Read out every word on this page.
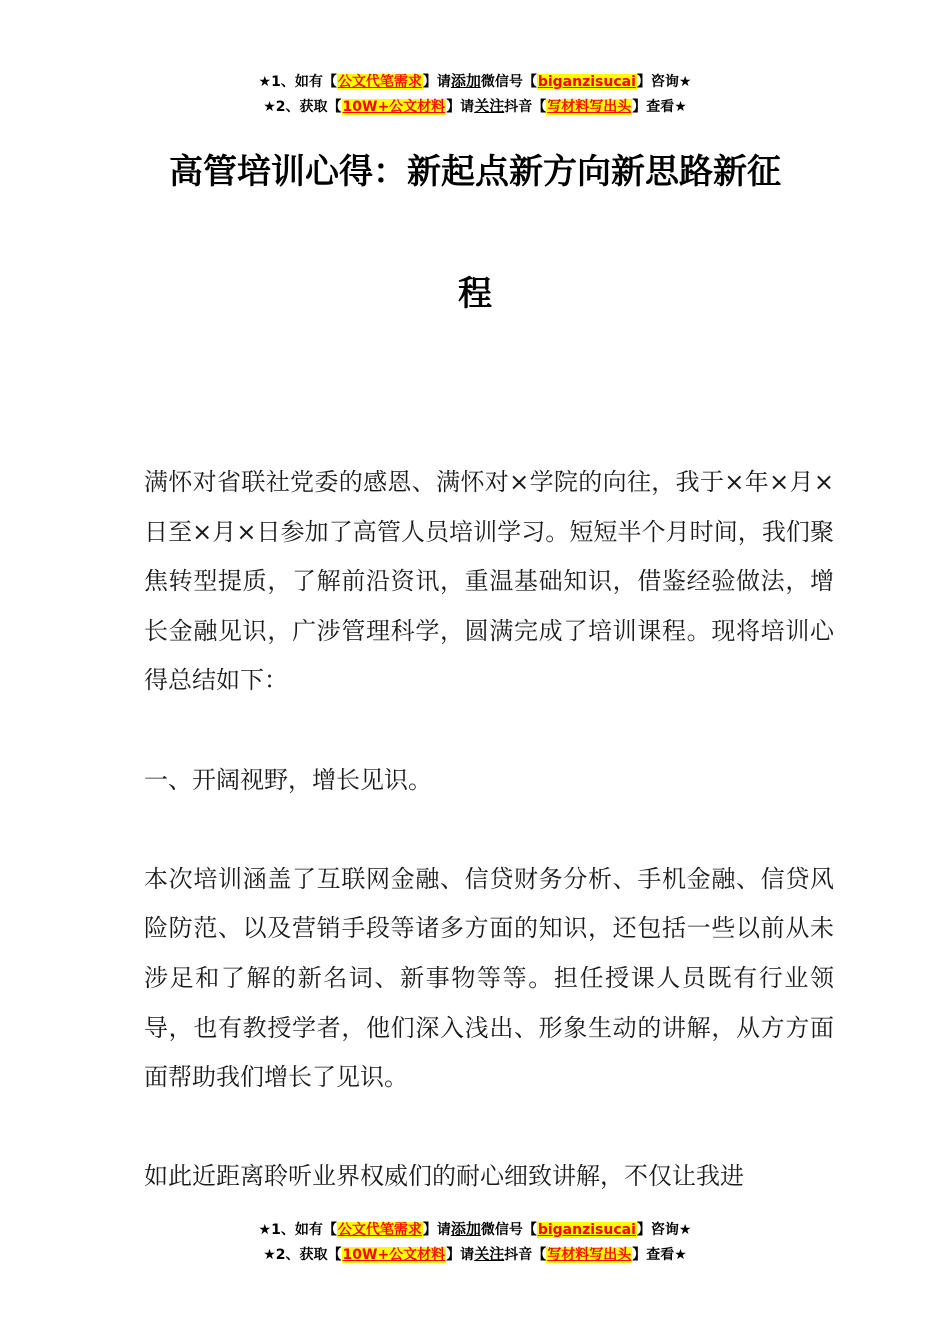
★1、如有【公文代笔需求】请添加微信号【biganzisucai】咨询★
★2、获取【10W+公文材料】请关注抖音【写材料写出头】查看★
高管培训心得：新起点新方向新思路新征
程

满怀对省联社党委的感恩、满怀对×学院的向往，我于×年×月×日至×月×日参加了高管人员培训学习。短短半个月时间，我们聚焦转型提质，了解前沿资讯，重温基础知识，借鉴经验做法，增长金融见识，广涉管理科学，圆满完成了培训课程。现将培训心得总结如下：

一、开阔视野，增长见识。

本次培训涵盖了互联网金融、信贷财务分析、手机金融、信贷风险防范、以及营销手段等诸多方面的知识，还包括一些以前从未涉足和了解的新名词、新事物等等。担任授课人员既有行业领导，也有教授学者，他们深入浅出、形象生动的讲解，从方方面面帮助我们增长了见识。

如此近距离聆听业界权威们的耐心细致讲解，不仅让我进

★1、如有【公文代笔需求】请添加微信号【biganzisucai】咨询★
★2、获取【10W+公文材料】请关注抖音【写材料写出头】查看★
